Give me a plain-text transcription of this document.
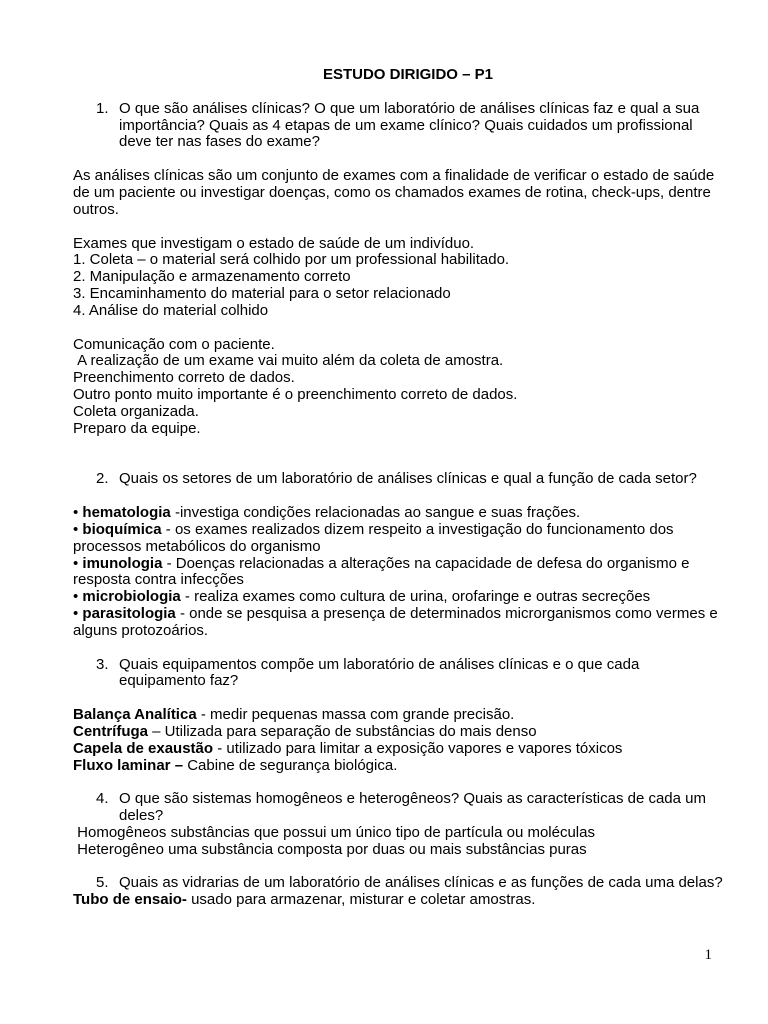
ESTUDO DIRIGIDO – P1
1. O que são análises clínicas? O que um laboratório de análises clínicas faz e qual a sua importância? Quais as 4 etapas de um exame clínico? Quais cuidados um profissional deve ter nas fases do exame?
As análises clínicas são um conjunto de exames com a finalidade de verificar o estado de saúde de um paciente ou investigar doenças, como os chamados exames de rotina, check-ups, dentre outros.
Exames que investigam o estado de saúde de um indivíduo.
1. Coleta – o material será colhido por um professional habilitado.
2. Manipulação e armazenamento correto
3. Encaminhamento do material para o setor relacionado
4. Análise do material colhido
Comunicação com o paciente.
A realização de um exame vai muito além da coleta de amostra.
Preenchimento correto de dados.
Outro ponto muito importante é o preenchimento correto de dados.
Coleta organizada.
Preparo da equipe.
2. Quais os setores de um laboratório de análises clínicas e qual a função de cada setor?
• hematologia -investiga condições relacionadas ao sangue e suas frações.
• bioquímica - os exames realizados dizem respeito a investigação do funcionamento dos processos metabólicos do organismo
• imunologia - Doenças relacionadas a alterações na capacidade de defesa do organismo e resposta contra infecções
• microbiologia - realiza exames como cultura de urina, orofaringe e outras secreções
• parasitologia - onde se pesquisa a presença de determinados microrganismos como vermes e alguns protozoários.
3. Quais equipamentos compõe um laboratório de análises clínicas e o que cada equipamento faz?
Balança Analítica - medir pequenas massa com grande precisão.
Centrífuga – Utilizada para separação de substâncias do mais denso
Capela de exaustão - utilizado para limitar a exposição vapores e vapores tóxicos
Fluxo laminar – Cabine de segurança biológica.
4. O que são sistemas homogêneos e heterogêneos? Quais as características de cada um deles?
Homogêneos substâncias que possui um único tipo de partícula ou moléculas
Heterogêneo uma substância composta por duas ou mais substâncias puras
5. Quais as vidrarias de um laboratório de análises clínicas e as funções de cada uma delas?
Tubo de ensaio- usado para armazenar, misturar e coletar amostras.
1
